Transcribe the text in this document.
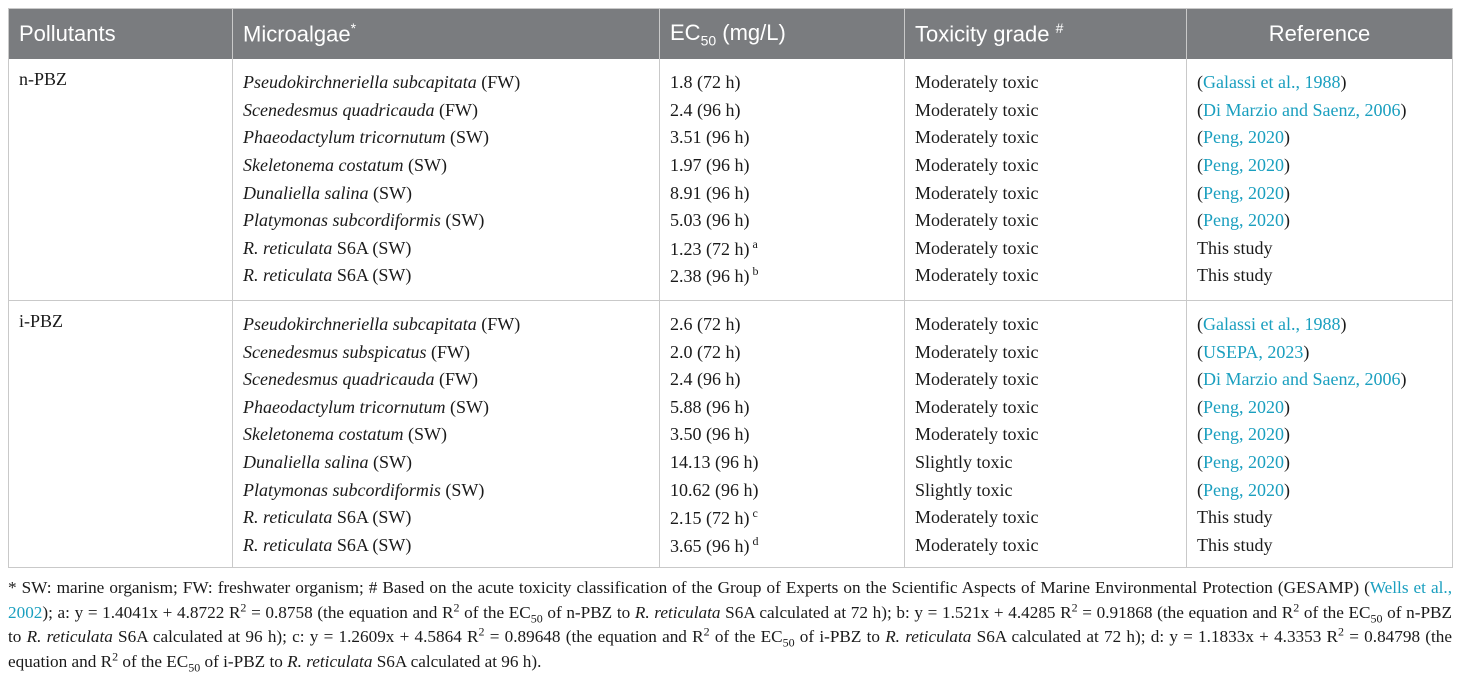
Pollutants	Microalgae*	$EC_{50}$ (mg/L)	Toxicity grade #	Reference
n-PBZ	Pseudokirchneriella subcapitata (FW)	1.8 (72 h)	Moderately toxic	(Galassi et al., 1988)
	Scenedesmus quadricauda (FW)	2.4 (96 h)	Moderately toxic	(Di Marzio and Saenz, 2006)
	Phaeodactylum tricornutum (SW)	3.51 (96 h)	Moderately toxic	(Peng, 2020)
	Skeletonema costatum (SW)	1.97 (96 h)	Moderately toxic	(Peng, 2020)
	Dunaliella salina (SW)	8.91 (96 h)	Moderately toxic	(Peng, 2020)
	Platymonas subcordiformis (SW)	5.03 (96 h)	Moderately toxic	(Peng, 2020)
	R. reticulata S6A (SW)	1.23 (72 h) $^a$	Moderately toxic	This study
	R. reticulata S6A (SW)	2.38 (96 h) $^b$	Moderately toxic	This study
i-PBZ	Pseudokirchneriella subcapitata (FW)	2.6 (72 h)	Moderately toxic	(Galassi et al., 1988)
	Scenedesmus subspicatus (FW)	2.0 (72 h)	Moderately toxic	(USEPA, 2023)
	Scenedesmus quadricauda (FW)	2.4 (96 h)	Moderately toxic	(Di Marzio and Saenz, 2006)
	Phaeodactylum tricornutum (SW)	5.88 (96 h)	Moderately toxic	(Peng, 2020)
	Skeletonema costatum (SW)	3.50 (96 h)	Moderately toxic	(Peng, 2020)
	Dunaliella salina (SW)	14.13 (96 h)	Slightly toxic	(Peng, 2020)
	Platymonas subcordiformis (SW)	10.62 (96 h)	Slightly toxic	(Peng, 2020)
	R. reticulata S6A (SW)	2.15 (72 h) $^c$	Moderately toxic	This study
	R. reticulata S6A (SW)	3.65 (96 h) $^d$	Moderately toxic	This study
* SW: marine organism; FW: freshwater organism; # Based on the acute toxicity classification of the Group of Experts on the Scientific Aspects of Marine Environmental Protection (GESAMP) (Wells et al., 2002); a: y = 1.4041x + 4.8722 $R^2 = 0.8758$ (the equation and $R^2$ of the $EC_{50}$ of n-PBZ to R. reticulata S6A calculated at 72 h); b: y = 1.521x + 4.4285 $R^2 = 0.91868$ (the equation and $R^2$ of the $EC_{50}$ of n-PBZ to R. reticulata S6A calculated at 96 h); c: y = 1.2609x + 4.5864 $R^2 = 0.89648$ (the equation and $R^2$ of the $EC_{50}$ of i-PBZ to R. reticulata S6A calculated at 72 h); d: y = 1.1833x + 4.3353 $R^2 = 0.84798$ (the equation and $R^2$ of the $EC_{50}$ of i-PBZ to R. reticulata S6A calculated at 96 h).
